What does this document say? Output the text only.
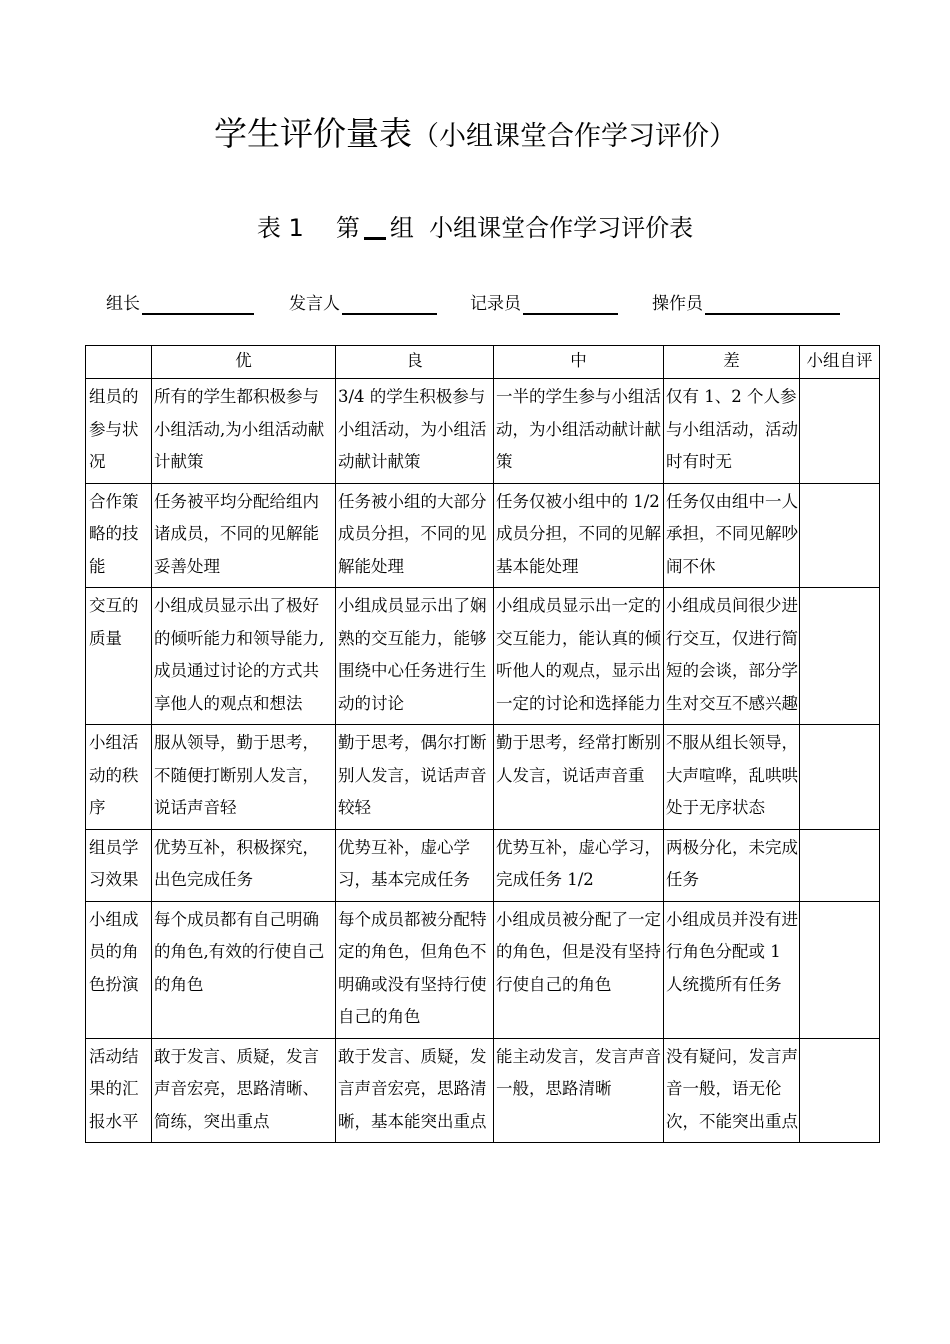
学生评价量表（小组课堂合作学习评价）
表 1 第 组 小组课堂合作学习评价表
组长	发言人	记录员	操作员
	优	良	中	差	小组自评
组员的参与状况	所有的学生都积极参与小组活动,为小组活动献计献策	3/4 的学生积极参与小组活动，为小组活动献计献策	一半的学生参与小组活动，为小组活动献计献策	仅有 1、2 个人参与小组活动，活动时有时无	
合作策略的技能	任务被平均分配给组内诸成员，不同的见解能妥善处理	任务被小组的大部分成员分担，不同的见解能处理	任务仅被小组中的 1/2 成员分担，不同的见解基本能处理	任务仅由组中一人承担，不同见解吵闹不休	
交互的质量	小组成员显示出了极好的倾听能力和领导能力,成员通过讨论的方式共享他人的观点和想法	小组成员显示出了娴熟的交互能力，能够围绕中心任务进行生动的讨论	小组成员显示出一定的交互能力，能认真的倾听他人的观点，显示出一定的讨论和选择能力	小组成员间很少进行交互，仅进行简短的会谈，部分学生对交互不感兴趣	
小组活动的秩序	服从领导，勤于思考，不随便打断别人发言，说话声音轻	勤于思考，偶尔打断别人发言，说话声音较轻	勤于思考，经常打断别人发言，说话声音重	不服从组长领导，大声喧哗，乱哄哄处于无序状态	
组员学习效果	优势互补，积极探究，出色完成任务	优势互补，虚心学习，基本完成任务	优势互补，虚心学习，完成任务 1/2	两极分化，未完成任务	
小组成员的角色扮演	每个成员都有自己明确的角色,有效的行使自己的角色	每个成员都被分配特定的角色，但角色不明确或没有坚持行使自己的角色	小组成员被分配了一定的角色，但是没有坚持行使自己的角色	小组成员并没有进行角色分配或 1 人统揽所有任务	
活动结果的汇报水平	敢于发言、质疑，发言声音宏亮，思路清晰、简练，突出重点	敢于发言、质疑，发言声音宏亮，思路清晰，基本能突出重点	能主动发言，发言声音一般，思路清晰	没有疑问，发言声音一般，语无伦次，不能突出重点	
